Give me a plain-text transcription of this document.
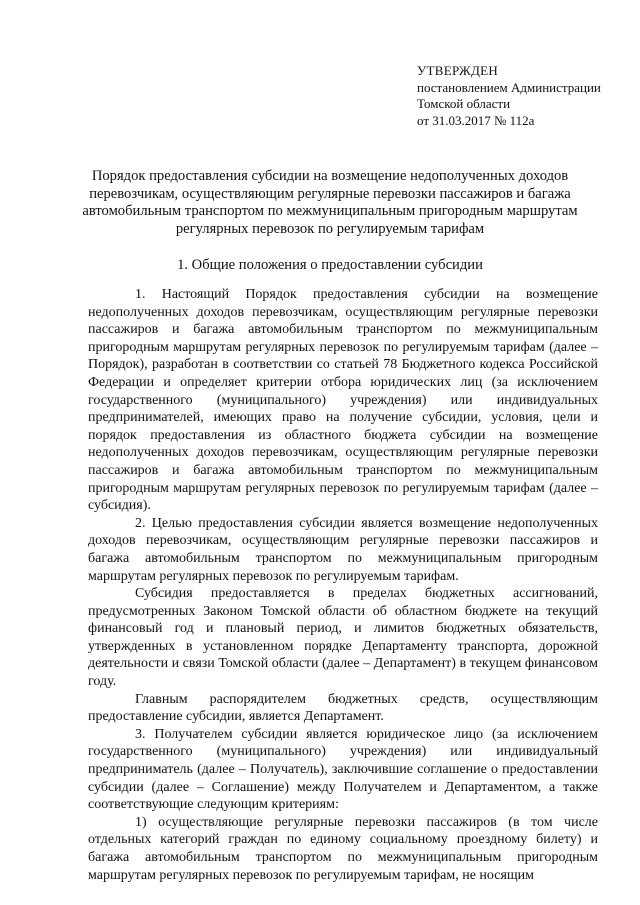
УТВЕРЖДЕН
постановлением Администрации
Томской области
от 31.03.2017 № 112а
Порядок предоставления субсидии на возмещение недополученных доходов перевозчикам, осуществляющим регулярные перевозки пассажиров и багажа автомобильным транспортом по межмуниципальным пригородным маршрутам регулярных перевозок по регулируемым тарифам
1. Общие положения о предоставлении субсидии

1. Настоящий Порядок предоставления субсидии на возмещение недополученных доходов перевозчикам, осуществляющим регулярные перевозки пассажиров и багажа автомобильным транспортом по межмуниципальным пригородным маршрутам регулярных перевозок по регулируемым тарифам (далее – Порядок), разработан в соответствии со статьей 78 Бюджетного кодекса Российской Федерации и определяет критерии отбора юридических лиц (за исключением государственного (муниципального) учреждения) или индивидуальных предпринимателей, имеющих право на получение субсидии, условия, цели и порядок предоставления из областного бюджета субсидии на возмещение недополученных доходов перевозчикам, осуществляющим регулярные перевозки пассажиров и багажа автомобильным транспортом по межмуниципальным пригородным маршрутам регулярных перевозок по регулируемым тарифам (далее – субсидия).

2. Целью предоставления субсидии является возмещение недополученных доходов перевозчикам, осуществляющим регулярные перевозки пассажиров и багажа автомобильным транспортом по межмуниципальным пригородным маршрутам регулярных перевозок по регулируемым тарифам.

Субсидия предоставляется в пределах бюджетных ассигнований, предусмотренных Законом Томской области об областном бюджете на текущий финансовый год и плановый период, и лимитов бюджетных обязательств, утвержденных в установленном порядке Департаменту транспорта, дорожной деятельности и связи Томской области (далее – Департамент) в текущем финансовом году.

Главным распорядителем бюджетных средств, осуществляющим предоставление субсидии, является Департамент.

3. Получателем субсидии является юридическое лицо (за исключением государственного (муниципального) учреждения) или индивидуальный предприниматель (далее – Получатель), заключившие соглашение о предоставлении субсидии (далее – Соглашение) между Получателем и Департаментом, а также соответствующие следующим критериям:

1) осуществляющие регулярные перевозки пассажиров (в том числе отдельных категорий граждан по единому социальному проездному билету) и багажа автомобильным транспортом по межмуниципальным пригородным маршрутам регулярных перевозок по регулируемым тарифам, не носящим
